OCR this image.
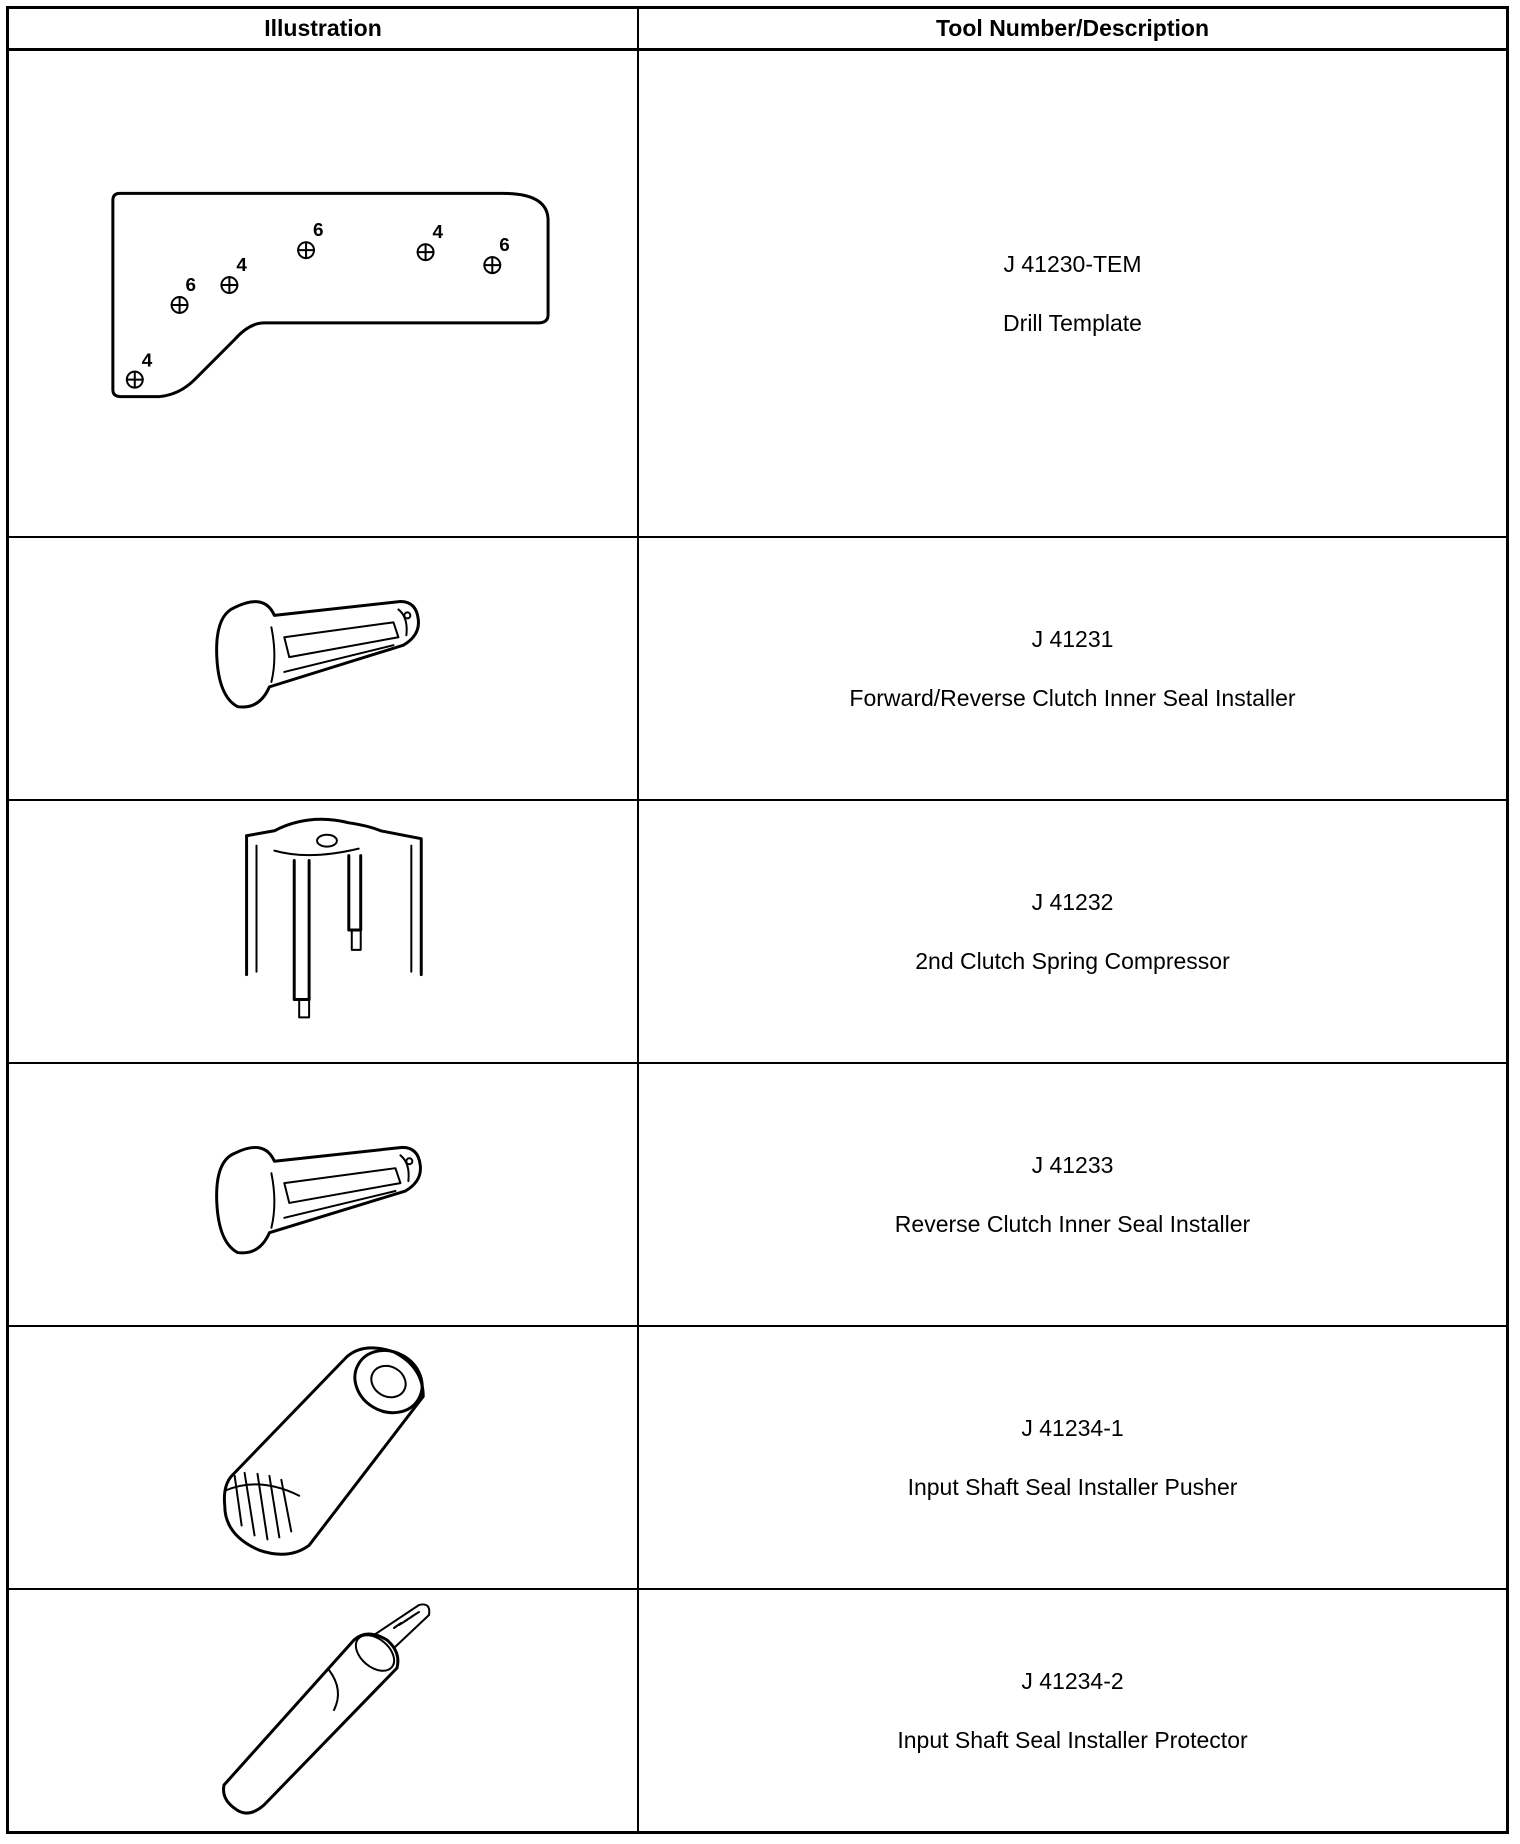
Illustration	Tool Number/Description
4
6
4
6	4
6
J 41230-TEM
Drill Template
J 41231
Forward/Reverse Clutch Inner Seal Installer
J 41232
2nd Clutch Spring Compressor
J 41233
Reverse Clutch Inner Seal Installer
J 41234-1
Input Shaft Seal Installer Pusher
J 41234-2
Input Shaft Seal Installer Protector
